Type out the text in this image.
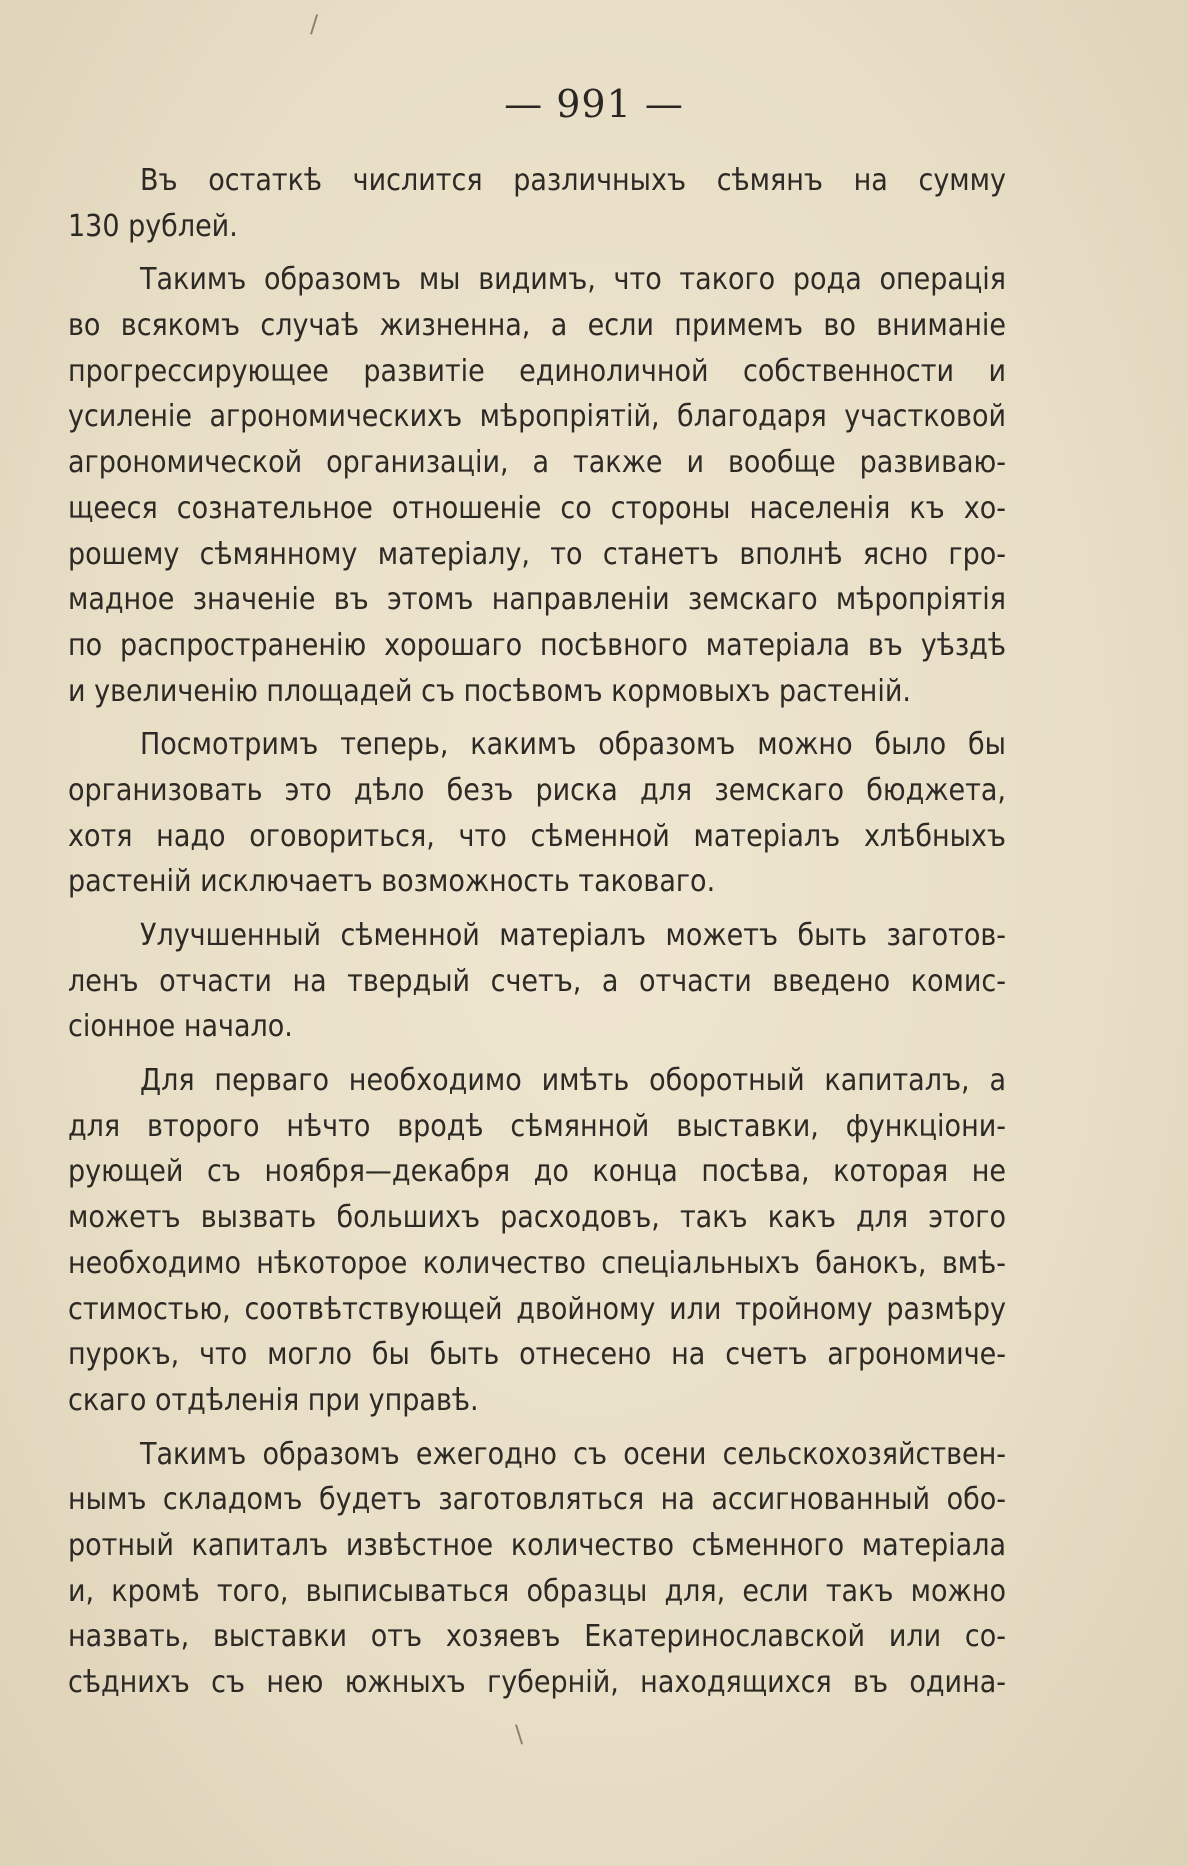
— 991 —
Въ остаткѣ числится различныхъ сѣмянъ на сумму
130 рублей.
Такимъ образомъ мы видимъ, что такого рода операція
во всякомъ случаѣ жизненна, а если примемъ во вниманіе
прогрессирующее развитіе единоличной собственности и
усиленіе агрономическихъ мѣропріятій, благодаря участковой
агрономической организаціи, а также и вообще развиваю-
щееся сознательное отношеніе со стороны населенія къ хо-
рошему сѣмянному матеріалу, то станетъ вполнѣ ясно гро-
мадное значеніе въ этомъ направленіи земскаго мѣропріятія
по распространенію хорошаго посѣвного матеріала въ уѣздѣ
и увеличенію площадей съ посѣвомъ кормовыхъ растеній.
Посмотримъ теперь, какимъ образомъ можно было бы
организовать это дѣло безъ риска для земскаго бюджета,
хотя надо оговориться, что сѣменной матеріалъ хлѣбныхъ
растеній исключаетъ возможность таковаго.
Улучшенный сѣменной матеріалъ можетъ быть заготов-
ленъ отчасти на твердый счетъ, а отчасти введено комис-
сіонное начало.
Для перваго необходимо имѣть оборотный капиталъ, а
для второго нѣчто вродѣ сѣмянной выставки, функціони-
рующей съ ноября—декабря до конца посѣва, которая не
можетъ вызвать большихъ расходовъ, такъ какъ для этого
необходимо нѣкоторое количество спеціальныхъ банокъ, вмѣ-
стимостью, соотвѣтствующей двойному или тройному размѣру
пурокъ, что могло бы быть отнесено на счетъ агрономиче-
скаго отдѣленія при управѣ.
Такимъ образомъ ежегодно съ осени сельскохозяйствен-
нымъ складомъ будетъ заготовляться на ассигнованный обо-
ротный капиталъ извѣстное количество сѣменного матеріала
и, кромѣ того, выписываться образцы для, если такъ можно
назвать, выставки отъ хозяевъ Екатеринославской или со-
сѣднихъ съ нею южныхъ губерній, находящихся въ одина-
/
\
